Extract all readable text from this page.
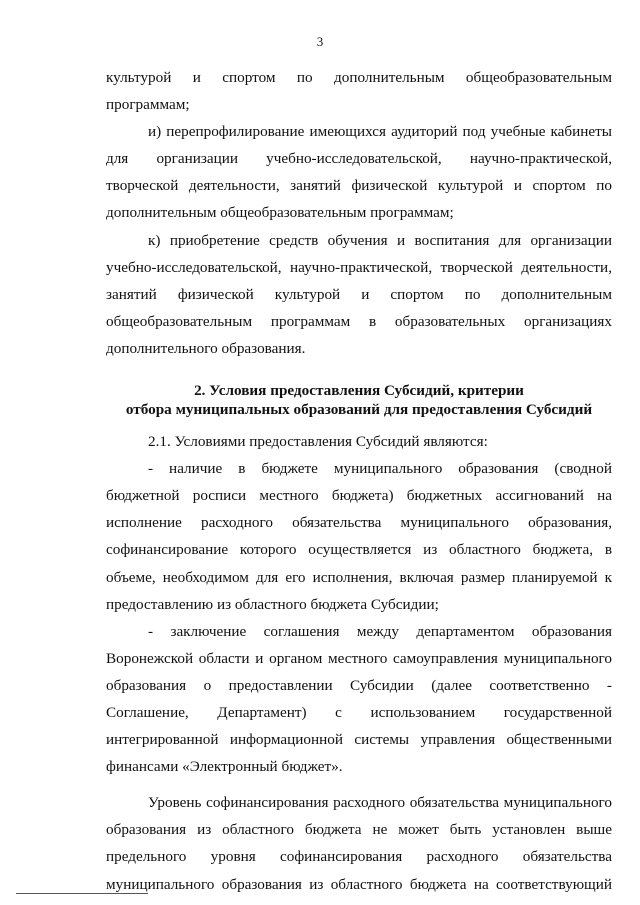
3
культурой и спортом по дополнительным общеобразовательным
программам;
и) перепрофилирование имеющихся аудиторий под учебные кабинеты
для организации учебно-исследовательской, научно-практической,
творческой деятельности, занятий физической культурой и спортом по
дополнительным общеобразовательным программам;
к) приобретение средств обучения и воспитания для организации
учебно-исследовательской, научно-практической, творческой деятельности,
занятий физической культурой и спортом по дополнительным
общеобразовательным программам в образовательных организациях
дополнительного образования.
2. Условия предоставления Субсидий, критерии
отбора муниципальных образований для предоставления Субсидий
2.1. Условиями предоставления Субсидий являются:
- наличие в бюджете муниципального образования (сводной
бюджетной росписи местного бюджета) бюджетных ассигнований на
исполнение расходного обязательства муниципального образования,
софинансирование которого осуществляется из областного бюджета, в
объеме, необходимом для его исполнения, включая размер планируемой к
предоставлению из областного бюджета Субсидии;
- заключение соглашения между департаментом образования
Воронежской области и органом местного самоуправления муниципального
образования о предоставлении Субсидии (далее соответственно -
Соглашение, Департамент) с использованием государственной
интегрированной информационной системы управления общественными
финансами «Электронный бюджет».
Уровень софинансирования расходного обязательства муниципального
образования из областного бюджета не может быть установлен выше
предельного уровня софинансирования расходного обязательства
муниципального образования из областного бюджета на соответствующий
